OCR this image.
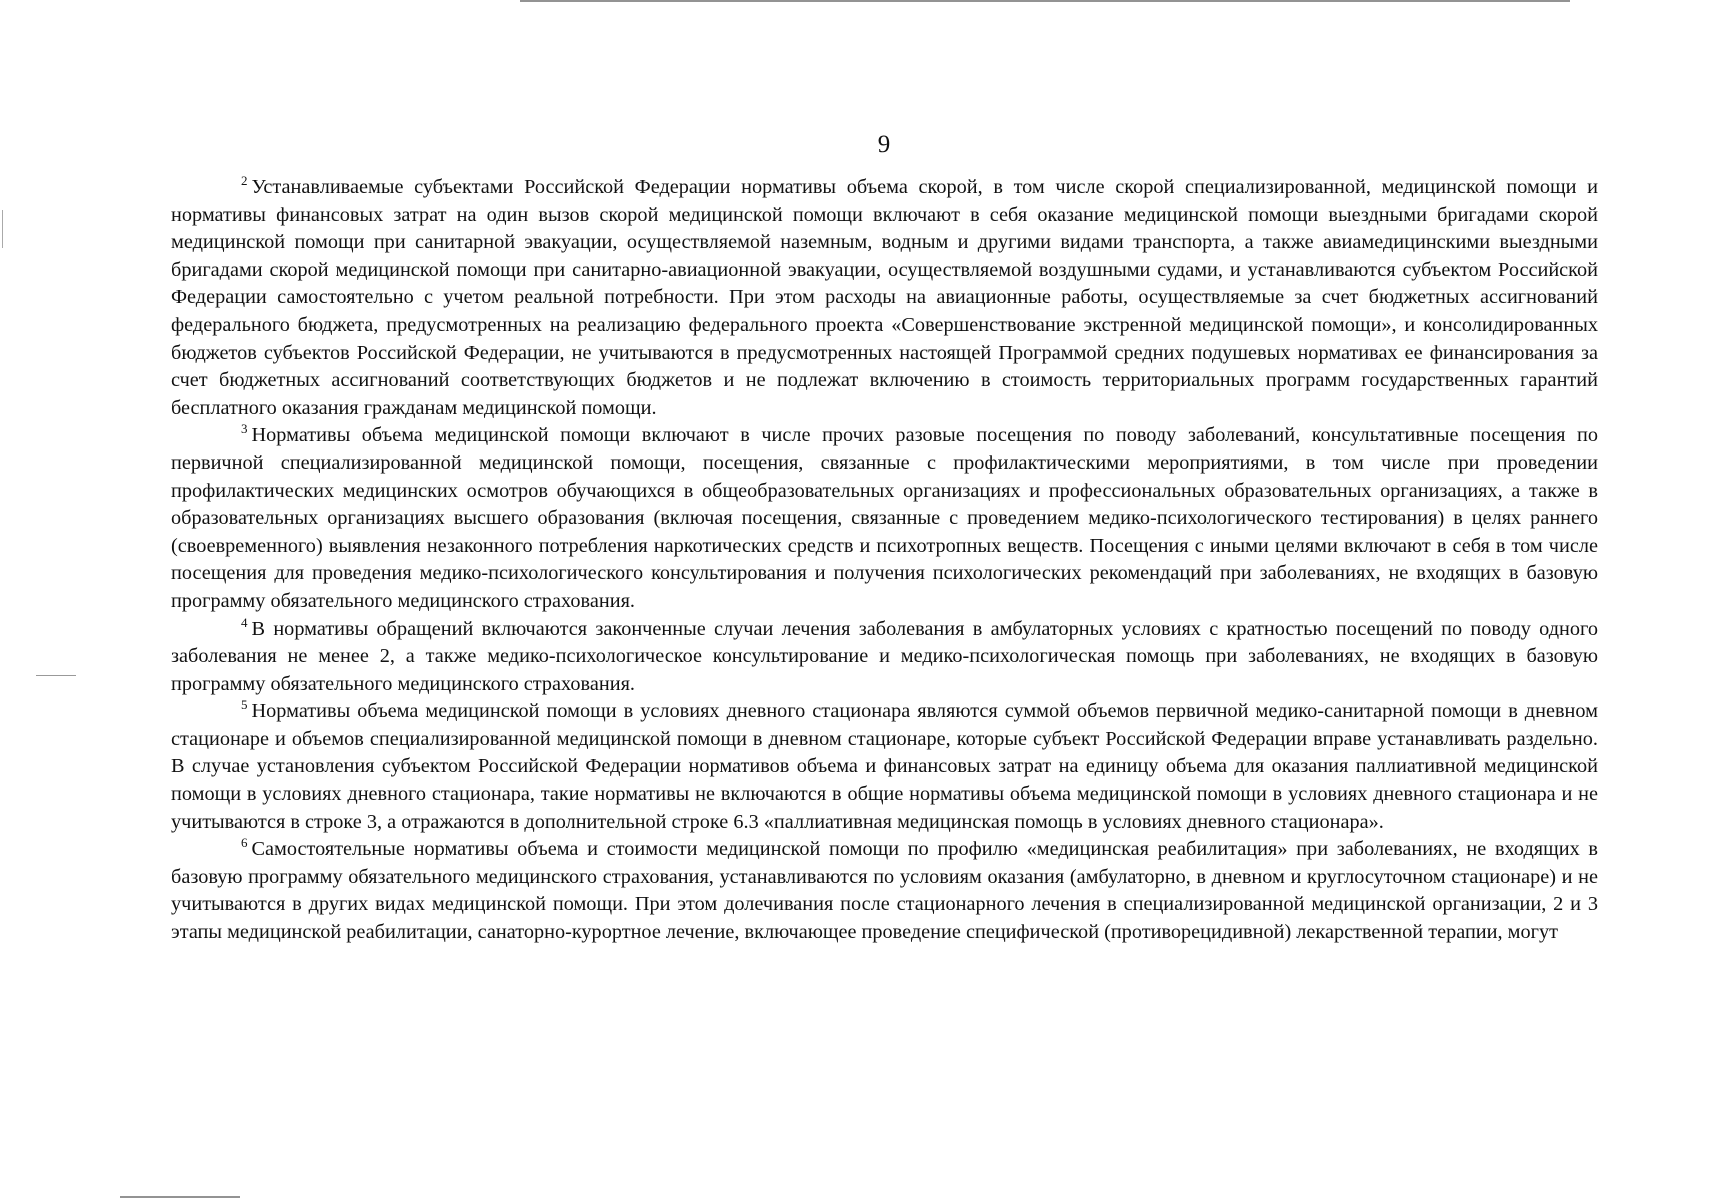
9

$^2$ Устанавливаемые субъектами Российской Федерации нормативы объема скорой, в том числе скорой специализированной, медицинской помощи и нормативы финансовых затрат на один вызов скорой медицинской помощи включают в себя оказание медицинской помощи выездными бригадами скорой медицинской помощи при санитарной эвакуации, осуществляемой наземным, водным и другими видами транспорта, а также авиамедицинскими выездными бригадами скорой медицинской помощи при санитарно-авиационной эвакуации, осуществляемой воздушными судами, и устанавливаются субъектом Российской Федерации самостоятельно с учетом реальной потребности. При этом расходы на авиационные работы, осуществляемые за счет бюджетных ассигнований федерального бюджета, предусмотренных на реализацию федерального проекта «Совершенствование экстренной медицинской помощи», и консолидированных бюджетов субъектов Российской Федерации, не учитываются в предусмотренных настоящей Программой средних подушевых нормативах ее финансирования за счет бюджетных ассигнований соответствующих бюджетов и не подлежат включению в стоимость территориальных программ государственных гарантий бесплатного оказания гражданам медицинской помощи.

$^3$ Нормативы объема медицинской помощи включают в числе прочих разовые посещения по поводу заболеваний, консультативные посещения по первичной специализированной медицинской помощи, посещения, связанные с профилактическими мероприятиями, в том числе при проведении профилактических медицинских осмотров обучающихся в общеобразовательных организациях и профессиональных образовательных организациях, а также в образовательных организациях высшего образования (включая посещения, связанные с проведением медико-психологического тестирования) в целях раннего (своевременного) выявления незаконного потребления наркотических средств и психотропных веществ. Посещения с иными целями включают в себя в том числе посещения для проведения медико-психологического консультирования и получения психологических рекомендаций при заболеваниях, не входящих в базовую программу обязательного медицинского страхования.

$^4$ В нормативы обращений включаются законченные случаи лечения заболевания в амбулаторных условиях с кратностью посещений по поводу одного заболевания не менее 2, а также медико-психологическое консультирование и медико-психологическая помощь при заболеваниях, не входящих в базовую программу обязательного медицинского страхования.

$^5$ Нормативы объема медицинской помощи в условиях дневного стационара являются суммой объемов первичной медико-санитарной помощи в дневном стационаре и объемов специализированной медицинской помощи в дневном стационаре, которые субъект Российской Федерации вправе устанавливать раздельно. В случае установления субъектом Российской Федерации нормативов объема и финансовых затрат на единицу объема для оказания паллиативной медицинской помощи в условиях дневного стационара, такие нормативы не включаются в общие нормативы объема медицинской помощи в условиях дневного стационара и не учитываются в строке 3, а отражаются в дополнительной строке 6.3 «паллиативная медицинская помощь в условиях дневного стационара».

$^6$ Самостоятельные нормативы объема и стоимости медицинской помощи по профилю «медицинская реабилитация» при заболеваниях, не входящих в базовую программу обязательного медицинского страхования, устанавливаются по условиям оказания (амбулаторно, в дневном и круглосуточном стационаре) и не учитываются в других видах медицинской помощи. При этом долечивания после стационарного лечения в специализированной медицинской организации, 2 и 3 этапы медицинской реабилитации, санаторно-курортное лечение, включающее проведение специфической (противорецидивной) лекарственной терапии, могут
